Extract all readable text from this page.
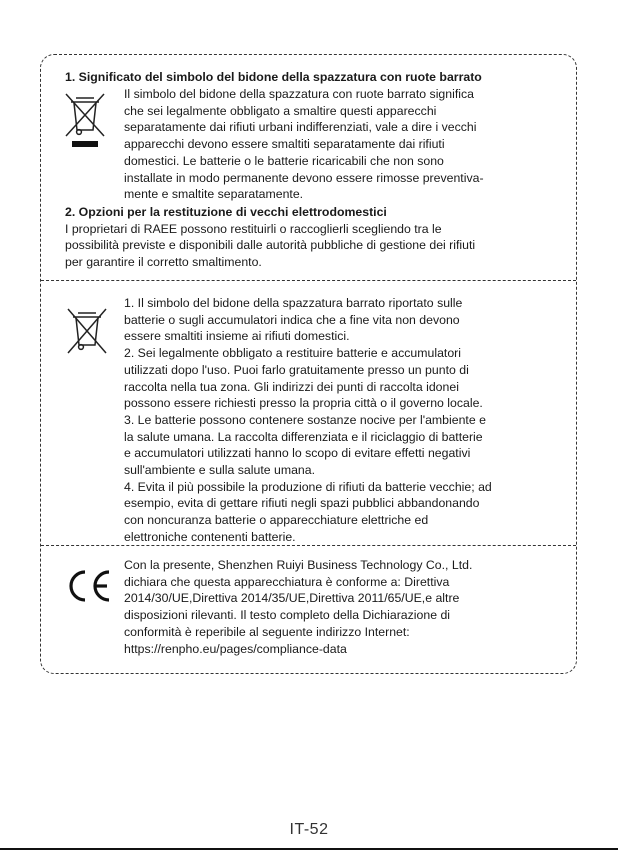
1. Significato del simbolo del bidone della spazzatura con ruote barrato
Il simbolo del bidone della spazzatura con ruote barrato significa
che sei legalmente obbligato a smaltire questi apparecchi
separatamente dai rifiuti urbani indifferenziati, vale a dire i vecchi
apparecchi devono essere smaltiti separatamente dai rifiuti
domestici. Le batterie o le batterie ricaricabili che non sono
installate in modo permanente devono essere rimosse preventiva-
mente e smaltite separatamente.
2. Opzioni per la restituzione di vecchi elettrodomestici
I proprietari di RAEE possono restituirli o raccoglierli scegliendo tra le
possibilità previste e disponibili dalle autorità pubbliche di gestione dei rifiuti
per garantire il corretto smaltimento.
1. Il simbolo del bidone della spazzatura barrato riportato sulle
batterie o sugli accumulatori indica che a fine vita non devono
essere smaltiti insieme ai rifiuti domestici.
2. Sei legalmente obbligato a restituire batterie e accumulatori
utilizzati dopo l'uso. Puoi farlo gratuitamente presso un punto di
raccolta nella tua zona. Gli indirizzi dei punti di raccolta idonei
possono essere richiesti presso la propria città o il governo locale.
3. Le batterie possono contenere sostanze nocive per l'ambiente e
la salute umana. La raccolta differenziata e il riciclaggio di batterie
e accumulatori utilizzati hanno lo scopo di evitare effetti negativi
sull'ambiente e sulla salute umana.
4. Evita il più possibile la produzione di rifiuti da batterie vecchie; ad
esempio, evita di gettare rifiuti negli spazi pubblici abbandonando
con noncuranza batterie o apparecchiature elettriche ed
elettroniche contenenti batterie.
Con la presente, Shenzhen Ruiyi Business Technology Co., Ltd.
dichiara che questa apparecchiatura è conforme a: Direttiva
2014/30/UE,Direttiva 2014/35/UE,Direttiva 2011/65/UE,e altre
disposizioni rilevanti. Il testo completo della Dichiarazione di
conformità è reperibile al seguente indirizzo Internet:
https://renpho.eu/pages/compliance-data
IT-52
